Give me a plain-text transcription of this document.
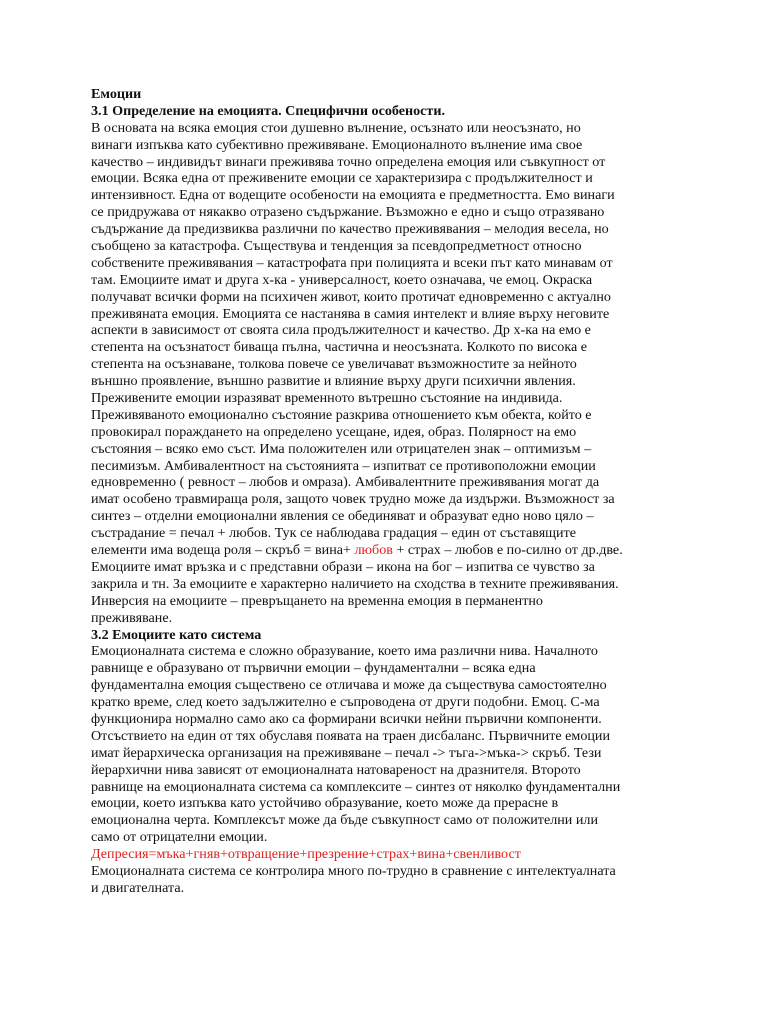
Емоции
3.1 Определение на емоцията. Специфични особености.
В основата на всяка емоция стои душевно вълнение, осъзнато или неосъзнато, но
винаги изпъква като субективно преживяване. Емоционалното вълнение има свое
качество – индивидът винаги преживява точно определена емоция или съвкупност от
емоции. Всяка една от преживените емоции се характеризира с продължителност и
интензивност. Една от водещите особености на емоцията е предметността. Емо винаги
се придружава от някакво отразено съдържание. Възможно е едно и също отразявано
съдържание да предизвиква различни по качество преживявания – мелодия весела, но
съобщено за катастрофа. Съществува и тенденция за псевдопредметност относно
собствените преживявания – катастрофата при полицията и всеки път като минавам от
там. Емоциите имат и друга х-ка - универсалност, което означава, че емоц. Окраска
получават всички форми на психичен живот, които протичат едновременно с актуално
преживяната емоция. Емоцията се настанява в самия интелект и влияе върху неговите
аспекти в зависимост от своята сила продължителност и качество. Др х-ка на емо е
степента на осъзнатост биваща пълна, частична и неосъзната. Колкото по висока е
степента на осъзнаване, толкова повече се увеличават възможностите за нейното
външно проявление, външно развитие и влияние върху други психични явления.
Преживените емоции изразяват временното вътрешно състояние на индивида.
Преживяваното емоционално състояние разкрива отношението към обекта, който е
провокирал пораждането на определено усещане, идея, образ. Полярност на емо
състояния – всяко емо съст. Има положителен или отрицателен знак – оптимизъм –
песимизъм. Амбивалентност на състоянията – изпитват се противоположни емоции
едновременно ( ревност – любов и омраза). Амбивалентните преживявания могат да
имат особено травмираща роля, защото човек трудно може да издържи. Възможност за
синтез – отделни емоционални явления се обединяват и образуват едно ново цяло –
състрадание = печал + любов. Тук се наблюдава градация – един от съставящите
елементи има водеща роля – скръб = вина+ любов + страх – любов е по-силно от др.две.
Емоциите имат връзка и с представни образи – икона на бог – изпитва се чувство за
закрила и тн. За емоциите е характерно наличието на сходства в техните преживявания.
Инверсия на емоциите – превръщането на временна емоция в перманентно
преживяване.
3.2 Емоциите като система
Емоционалната система е сложно образувание, което има различни нива. Началното
равнище е образувано от първични емоции – фундаментални – всяка една
фундаментална емоция съществено се отличава и може да съществува самостоятелно
кратко време, след което задължително е съпроводена от други подобни. Емоц. С-ма
функционира нормално само ако са формирани всички нейни първични компоненти.
Отсъствието на един от тях обуславя появата на траен дисбаланс. Първичните емоции
имат йерархическа организация на преживяване – печал -> тъга->мъка-> скръб. Тези
йерархични нива зависят от емоционалната натовареност на дразнителя. Второто
равнище на емоционалната система са комплексите – синтез от няколко фундаментални
емоции, което изпъква като устойчиво образувание, което може да прерасне в
емоционална черта. Комплексът може да бъде съвкупност само от положителни или
само от отрицателни емоции.
Депресия=мъка+гняв+отвращение+презрение+страх+вина+свенливост
Емоционалната система се контролира много по-трудно в сравнение с интелектуалната
и двигателната.
